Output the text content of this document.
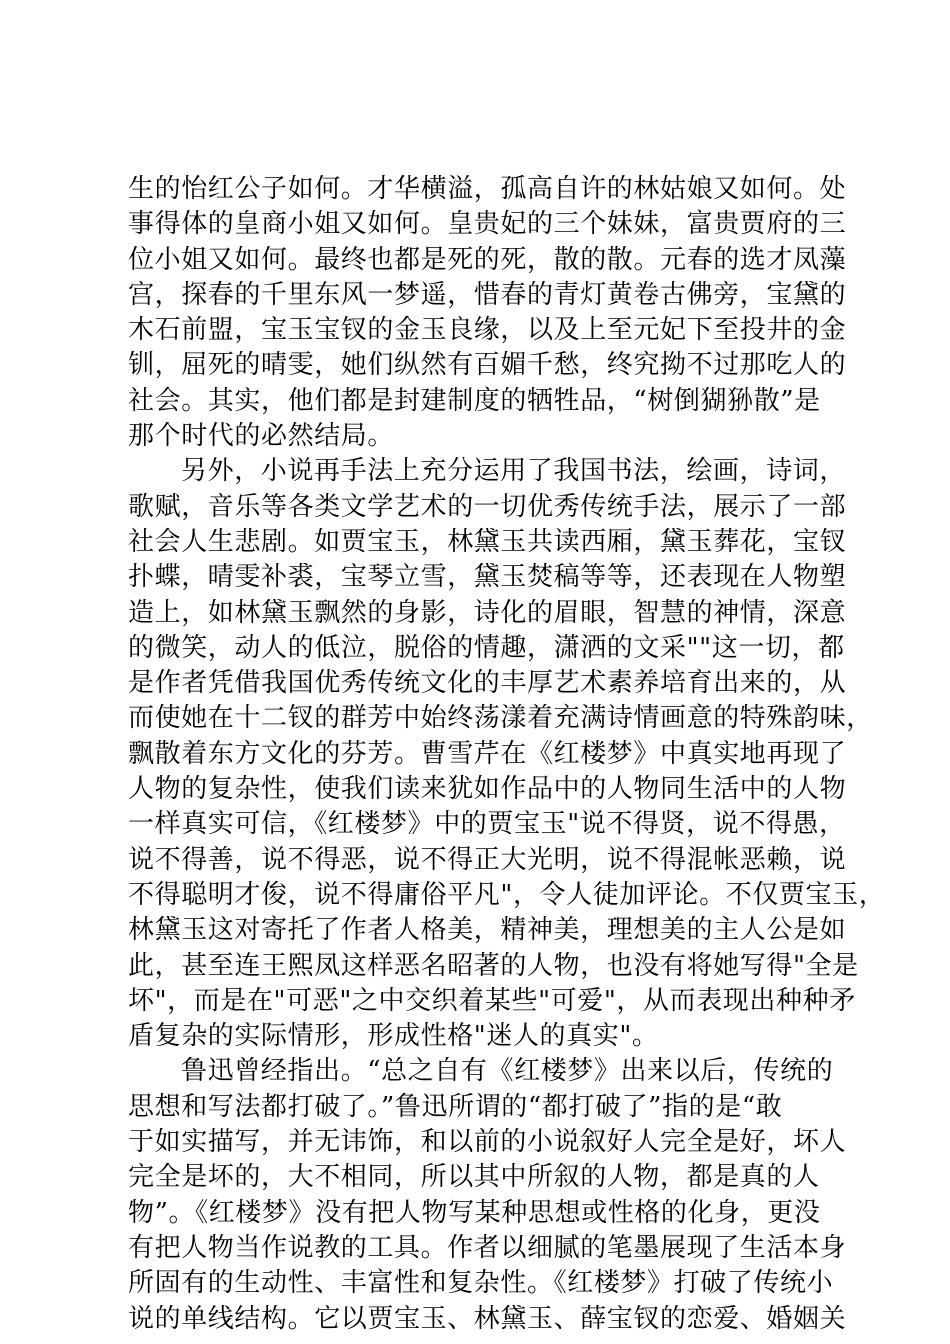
生的怡红公子如何。才华横溢，孤高自许的林姑娘又如何。处
事得体的皇商小姐又如何。皇贵妃的三个妹妹，富贵贾府的三
位小姐又如何。最终也都是死的死，散的散。元春的选才凤藻
宫，探春的千里东风一梦遥，惜春的青灯黄卷古佛旁，宝黛的
木石前盟，宝玉宝钗的金玉良缘，以及上至元妃下至投井的金
钏，屈死的晴雯，她们纵然有百媚千愁，终究拗不过那吃人的
社会。其实，他们都是封建制度的牺牲品，“树倒猢狲散”是
那个时代的必然结局。
另外，小说再手法上充分运用了我国书法，绘画，诗词，
歌赋，音乐等各类文学艺术的一切优秀传统手法，展示了一部
社会人生悲剧。如贾宝玉，林黛玉共读西厢，黛玉葬花，宝钗
扑蝶，晴雯补裘，宝琴立雪，黛玉焚稿等等，还表现在人物塑
造上，如林黛玉飘然的身影，诗化的眉眼，智慧的神情，深意
的微笑，动人的低泣，脱俗的情趣，潇洒的文采""这一切，都
是作者凭借我国优秀传统文化的丰厚艺术素养培育出来的，从
而使她在十二钗的群芳中始终荡漾着充满诗情画意的特殊韵味，
飘散着东方文化的芬芳。曹雪芹在《红楼梦》中真实地再现了
人物的复杂性，使我们读来犹如作品中的人物同生活中的人物
一样真实可信，《红楼梦》中的贾宝玉"说不得贤，说不得愚，
说不得善，说不得恶，说不得正大光明，说不得混帐恶赖，说
不得聪明才俊，说不得庸俗平凡"，令人徒加评论。不仅贾宝玉，
林黛玉这对寄托了作者人格美，精神美，理想美的主人公是如
此，甚至连王熙凤这样恶名昭著的人物，也没有将她写得"全是
坏"，而是在"可恶"之中交织着某些"可爱"，从而表现出种种矛
盾复杂的实际情形，形成性格"迷人的真实"。
鲁迅曾经指出。“总之自有《红楼梦》出来以后，传统的
思想和写法都打破了。”鲁迅所谓的“都打破了”指的是“敢
于如实描写，并无讳饰，和以前的小说叙好人完全是好，坏人
完全是坏的，大不相同，所以其中所叙的人物，都是真的人
物”。《红楼梦》没有把人物写某种思想或性格的化身，更没
有把人物当作说教的工具。作者以细腻的笔墨展现了生活本身
所固有的生动性、丰富性和复杂性。《红楼梦》打破了传统小
说的单线结构。它以贾宝玉、林黛玉、薛宝钗的恋爱、婚姻关
